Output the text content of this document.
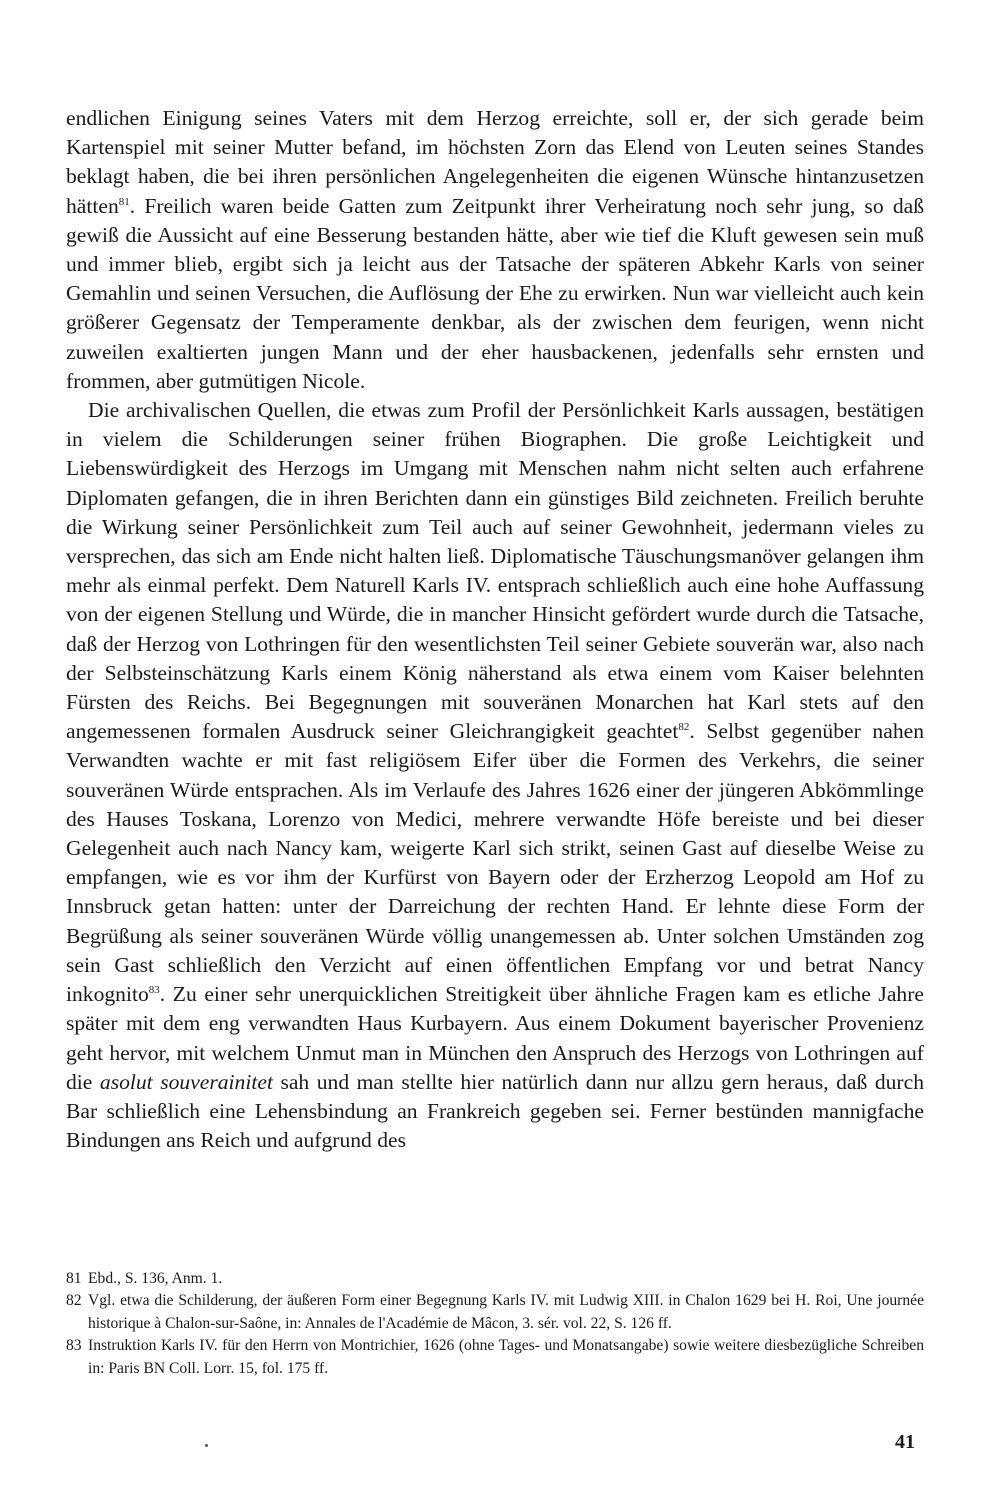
endlichen Einigung seines Vaters mit dem Herzog erreichte, soll er, der sich gerade beim Kartenspiel mit seiner Mutter befand, im höchsten Zorn das Elend von Leuten seines Standes beklagt haben, die bei ihren persönlichen Angelegenheiten die eigenen Wünsche hintanzusetzen hätten$^{81}$. Freilich waren beide Gatten zum Zeitpunkt ihrer Verheiratung noch sehr jung, so daß gewiß die Aussicht auf eine Besserung bestanden hätte, aber wie tief die Kluft gewesen sein muß und immer blieb, ergibt sich ja leicht aus der Tatsache der späteren Abkehr Karls von seiner Gemahlin und seinen Versuchen, die Auflösung der Ehe zu erwirken. Nun war vielleicht auch kein größerer Gegensatz der Temperamente denkbar, als der zwischen dem feurigen, wenn nicht zuweilen exaltierten jungen Mann und der eher hausbackenen, jedenfalls sehr ernsten und frommen, aber gutmütigen Nicole.

Die archivalischen Quellen, die etwas zum Profil der Persönlichkeit Karls aussagen, bestätigen in vielem die Schilderungen seiner frühen Biographen. Die große Leichtigkeit und Liebenswürdigkeit des Herzogs im Umgang mit Menschen nahm nicht selten auch erfahrene Diplomaten gefangen, die in ihren Berichten dann ein günstiges Bild zeichneten. Freilich beruhte die Wirkung seiner Persönlichkeit zum Teil auch auf seiner Gewohnheit, jedermann vieles zu versprechen, das sich am Ende nicht halten ließ. Diplomatische Täuschungsmanöver gelangen ihm mehr als einmal perfekt. Dem Naturell Karls IV. entsprach schließlich auch eine hohe Auffassung von der eigenen Stellung und Würde, die in mancher Hinsicht gefördert wurde durch die Tatsache, daß der Herzog von Lothringen für den wesentlichsten Teil seiner Gebiete souverän war, also nach der Selbsteinschätzung Karls einem König näherstand als etwa einem vom Kaiser belehnten Fürsten des Reichs. Bei Begegnungen mit souveränen Monarchen hat Karl stets auf den angemessenen formalen Ausdruck seiner Gleichrangigkeit geachtet$^{82}$. Selbst gegenüber nahen Verwandten wachte er mit fast religiösem Eifer über die Formen des Verkehrs, die seiner souveränen Würde entsprachen. Als im Verlaufe des Jahres 1626 einer der jüngeren Abkömmlinge des Hauses Toskana, Lorenzo von Medici, mehrere verwandte Höfe bereiste und bei dieser Gelegenheit auch nach Nancy kam, weigerte Karl sich strikt, seinen Gast auf dieselbe Weise zu empfangen, wie es vor ihm der Kurfürst von Bayern oder der Erzherzog Leopold am Hof zu Innsbruck getan hatten: unter der Darreichung der rechten Hand. Er lehnte diese Form der Begrüßung als seiner souveränen Würde völlig unangemessen ab. Unter solchen Umständen zog sein Gast schließlich den Verzicht auf einen öffentlichen Empfang vor und betrat Nancy inkognito$^{83}$. Zu einer sehr unerquicklichen Streitigkeit über ähnliche Fragen kam es etliche Jahre später mit dem eng verwandten Haus Kurbayern. Aus einem Dokument bayerischer Provenienz geht hervor, mit welchem Unmut man in München den Anspruch des Herzogs von Lothringen auf die asolut souverainitet sah und man stellte hier natürlich dann nur allzu gern heraus, daß durch Bar schließlich eine Lehensbindung an Frankreich gegeben sei. Ferner bestünden mannigfache Bindungen ans Reich und aufgrund des

81 Ebd., S. 136, Anm. 1.
82 Vgl. etwa die Schilderung, der äußeren Form einer Begegnung Karls IV. mit Ludwig XIII. in Chalon 1629 bei H. Roi, Une journée historique à Chalon-sur-Saône, in: Annales de l'Académie de Mâcon, 3. sér. vol. 22, S. 126 ff.
83 Instruktion Karls IV. für den Herrn von Montrichier, 1626 (ohne Tages- und Monatsangabe) sowie weitere diesbezügliche Schreiben in: Paris BN Coll. Lorr. 15, fol. 175 ff.
41
